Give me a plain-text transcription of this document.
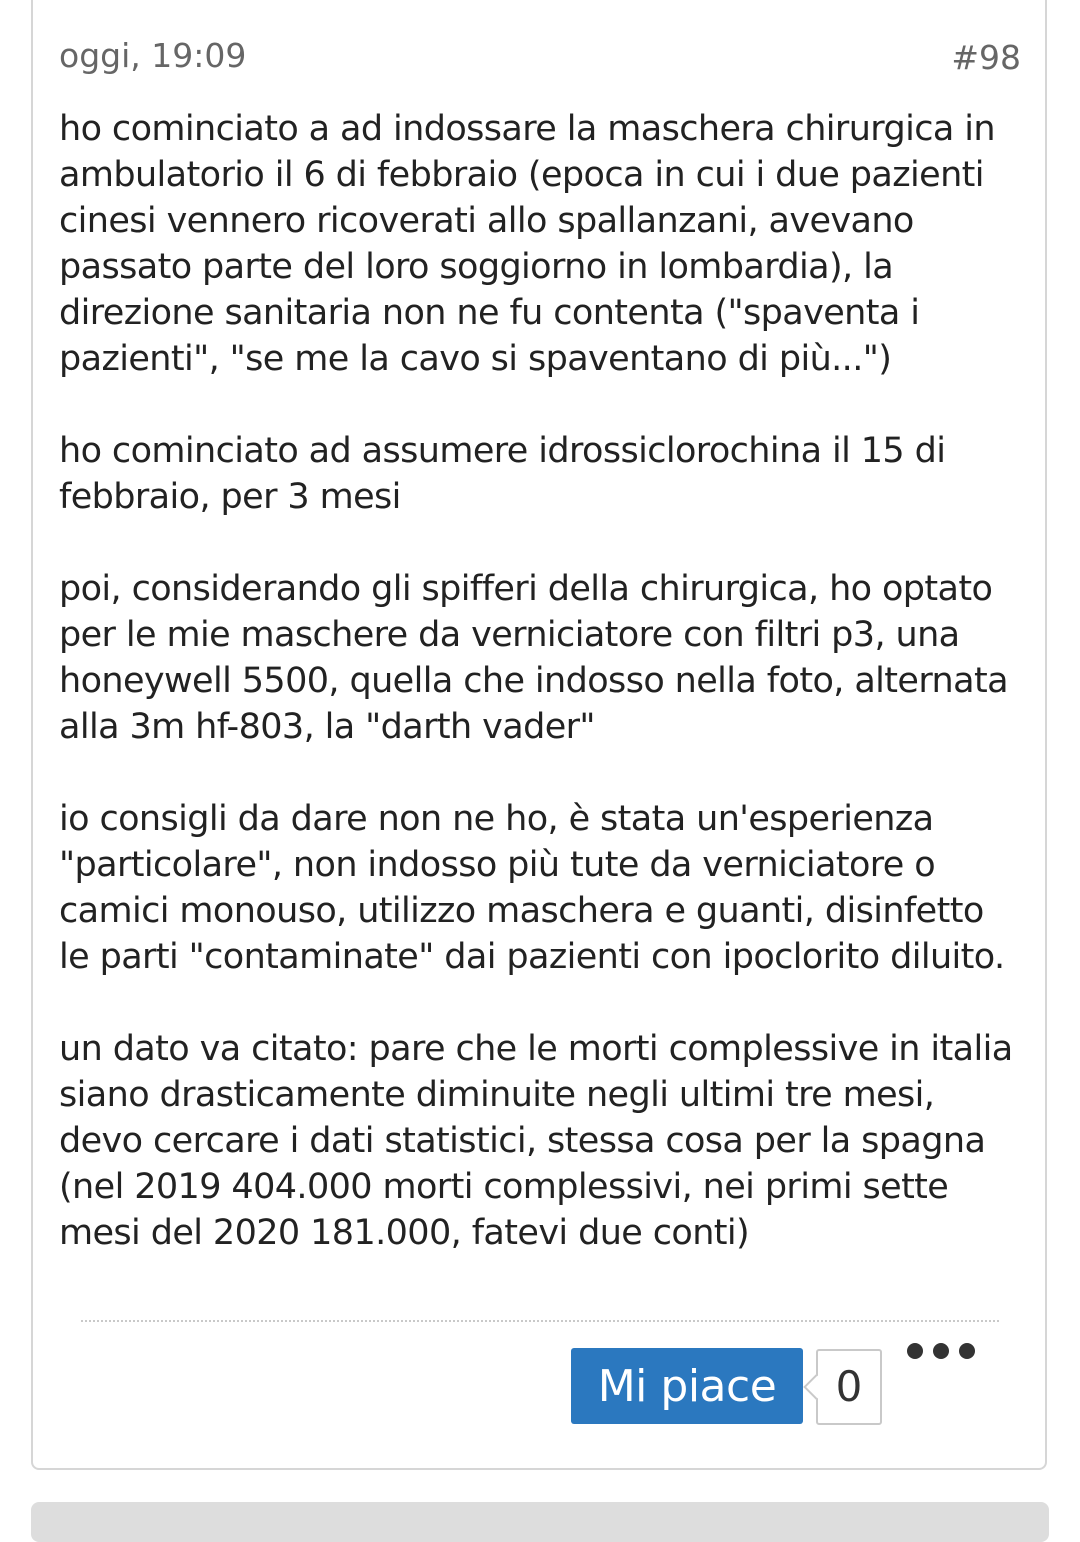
oggi, 19:09	#98

ho cominciato a ad indossare la maschera chirurgica in
ambulatorio il 6 di febbraio (epoca in cui i due pazienti
cinesi vennero ricoverati allo spallanzani, avevano
passato parte del loro soggiorno in lombardia), la
direzione sanitaria non ne fu contenta ("spaventa i
pazienti", "se me la cavo si spaventano di più...")

ho cominciato ad assumere idrossiclorochina il 15 di
febbraio, per 3 mesi

poi, considerando gli spifferi della chirurgica, ho optato
per le mie maschere da verniciatore con filtri p3, una
honeywell 5500, quella che indosso nella foto, alternata
alla 3m hf-803, la "darth vader"

io consigli da dare non ne ho, è stata un'esperienza
"particolare", non indosso più tute da verniciatore o
camici monouso, utilizzo maschera e guanti, disinfetto
le parti "contaminate" dai pazienti con ipoclorito diluito.

un dato va citato: pare che le morti complessive in italia
siano drasticamente diminuite negli ultimi tre mesi,
devo cercare i dati statistici, stessa cosa per la spagna
(nel 2019 404.000 morti complessivi, nei primi sette
mesi del 2020 181.000, fatevi due conti)

Mi piace	0
